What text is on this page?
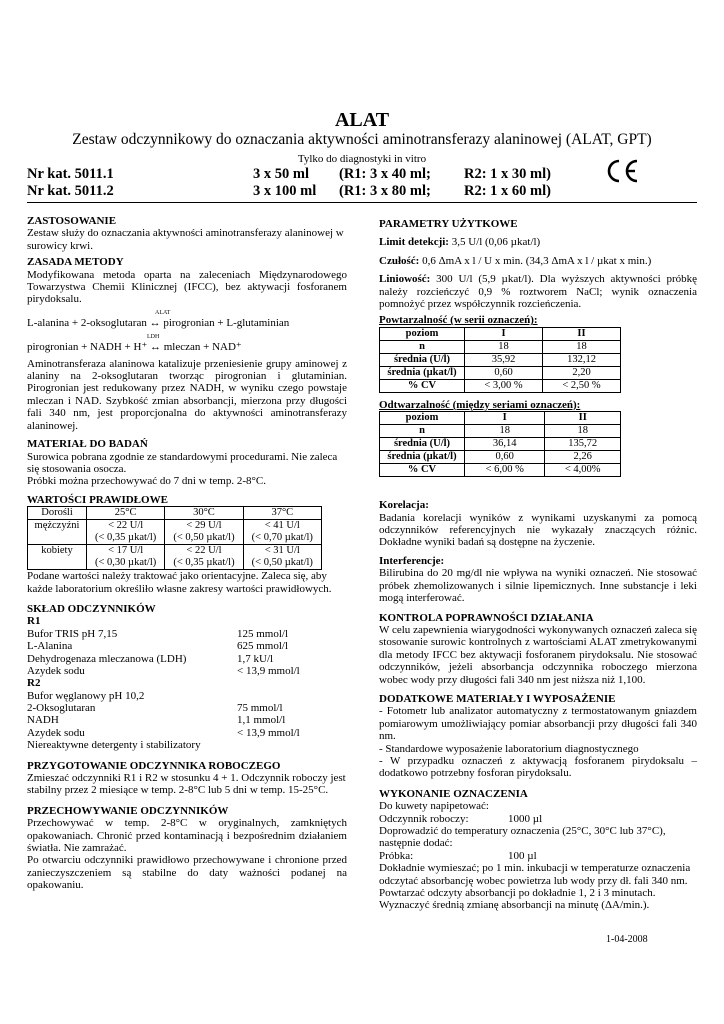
ALAT
Zestaw odczynnikowy do oznaczania aktywności aminotransferazy alaninowej (ALAT, GPT)
Tylko do diagnostyki in vitro
Nr kat. 5011.1	3 x 50 ml (R1: 3 x 40 ml; R2: 1 x 30 ml)
Nr kat. 5011.2	3 x 100 ml (R1: 3 x 80 ml; R2: 1 x 60 ml)
ZASTOSOWANIE

Zestaw służy do oznaczania aktywności aminotransferazy alaninowej w surowicy krwi.

ZASADA METODY

Modyfikowana metoda oparta na zaleceniach Międzynarodowego Towarzystwa Chemii Klinicznej (IFCC), bez aktywacji fosforanem pirydoksalu.

ALAT

L-alanina + 2-oksoglutaran ↔ pirogronian + L-glutaminian

LDH

pirogronian + NADH + H⁺ ↔ mleczan + NAD⁺

Aminotransferaza alaninowa katalizuje przeniesienie grupy aminowej z alaniny na 2-oksoglutaran tworząc pirogronian i glutaminian. Pirogronian jest redukowany przez NADH, w wyniku czego powstaje mleczan i NAD. Szybkość zmian absorbancji, mierzona przy długości fali 340 nm, jest proporcjonalna do aktywności aminotransferazy alaninowej.

MATERIAŁ DO BADAŃ

Surowica pobrana zgodnie ze standardowymi procedurami. Nie zaleca się stosowania osocza.

Próbki można przechowywać do 7 dni w temp. 2-8°C.

WARTOŚCI PRAWIDŁOWE
Dorośli	25°C	30°C	37°C
mężczyźni	< 22 U/l	< 29 U/l	< 41 U/l
	(< 0,35 µkat/l)	(< 0,50 µkat/l)	(< 0,70 µkat/l)
kobiety	< 17 U/l	< 22 U/l	< 31 U/l
	(< 0,30 µkat/l)	(< 0,35 µkat/l)	(< 0,50 µkat/l)

Podane wartości należy traktować jako orientacyjne. Zaleca się, aby każde laboratorium określiło własne zakresy wartości prawidłowych.

SKŁAD ODCZYNNIKÓW
R1
Bufor TRIS pH 7,15	125 mmol/l
L-Alanina	625 mmol/l
Dehydrogenaza mleczanowa (LDH)	1,7 kU/l
Azydek sodu	< 13,9 mmol/l
R2
Bufor węglanowy pH 10,2
2-Oksoglutaran	75 mmol/l
NADH	1,1 mmol/l
Azydek sodu	< 13,9 mmol/l
Niereaktywne detergenty i stabilizatory
PRZYGOTOWANIE ODCZYNNIKA ROBOCZEGO

Zmieszać odczynniki R1 i R2 w stosunku 4 + 1. Odczynnik roboczy jest stabilny przez 2 miesiące w temp. 2-8°C lub 5 dni w temp. 15-25°C.

PRZECHOWYWANIE ODCZYNNIKÓW

Przechowywać w temp. 2-8°C w oryginalnych, zamkniętych opakowaniach. Chronić przed kontaminacją i bezpośrednim działaniem światła. Nie zamrażać.

Po otwarciu odczynniki prawidłowo przechowywane i chronione przed zanieczyszczeniem są stabilne do daty ważności podanej na opakowaniu.

PARAMETRY UŻYTKOWE

Limit detekcji: 3,5 U/l (0,06 µkat/l)

Czułość: 0,6 ΔmA x l / U x min. (34,3 ΔmA x l / µkat x min.)

Liniowość: 300 U/l (5,9 µkat/l). Dla wyższych aktywności próbkę należy rozcieńczyć 0,9 % roztworem NaCl; wynik oznaczenia pomnożyć przez współczynnik rozcieńczenia.

Powtarzalność (w serii oznaczeń):
poziom	I	II
n	18	18
średnia (U/l)	35,92	132,12
średnia (µkat/l)	0,60	2,20
% CV	< 3,00 %	< 2,50 %
Odtwarzalność (między seriami oznaczeń):
poziom	I	II
n	18	18
średnia (U/l)	36,14	135,72
średnia (µkat/l)	0,60	2,26
% CV	< 6,00 %	< 4,00%
Korelacja:

Badania korelacji wyników z wynikami uzyskanymi za pomocą odczynników referencyjnych nie wykazały znaczących różnic. Dokładne wyniki badań są dostępne na życzenie.

Interferencje:

Bilirubina do 20 mg/dl nie wpływa na wyniki oznaczeń. Nie stosować próbek zhemolizowanych i silnie lipemicznych. Inne substancje i leki mogą interferować.

KONTROLA POPRAWNOŚCI DZIAŁANIA

W celu zapewnienia wiarygodności wykonywanych oznaczeń zaleca się stosowanie surowic kontrolnych z wartościami ALAT zmetrykowanymi dla metody IFCC bez aktywacji fosforanem pirydoksalu. Nie stosować odczynników, jeżeli absorbancja odczynnika roboczego mierzona wobec wody przy długości fali 340 nm jest niższa niż 1,100.

DODATKOWE MATERIAŁY I WYPOSAŻENIE

- Fotometr lub analizator automatyczny z termostatowanym gniazdem pomiarowym umożliwiający pomiar absorbancji przy długości fali 340 nm.

- Standardowe wyposażenie laboratorium diagnostycznego

- W przypadku oznaczeń z aktywacją fosforanem pirydoksalu – dodatkowo potrzebny fosforan pirydoksalu.

WYKONANIE OZNACZENIA

Do kuwety napipetować:

Odczynnik roboczy:	1000 µl

Doprowadzić do temperatury oznaczenia (25°C, 30°C lub 37°C), następnie dodać:

Próbka:	100 µl

Dokładnie wymieszać; po 1 min. inkubacji w temperaturze oznaczenia odczytać absorbancję wobec powietrza lub wody przy dł. fali 340 nm. Powtarzać odczyty absorbancji po dokładnie 1, 2 i 3 minutach.

Wyznaczyć średnią zmianę absorbancji na minutę (ΔA/min.).

1-04-2008
